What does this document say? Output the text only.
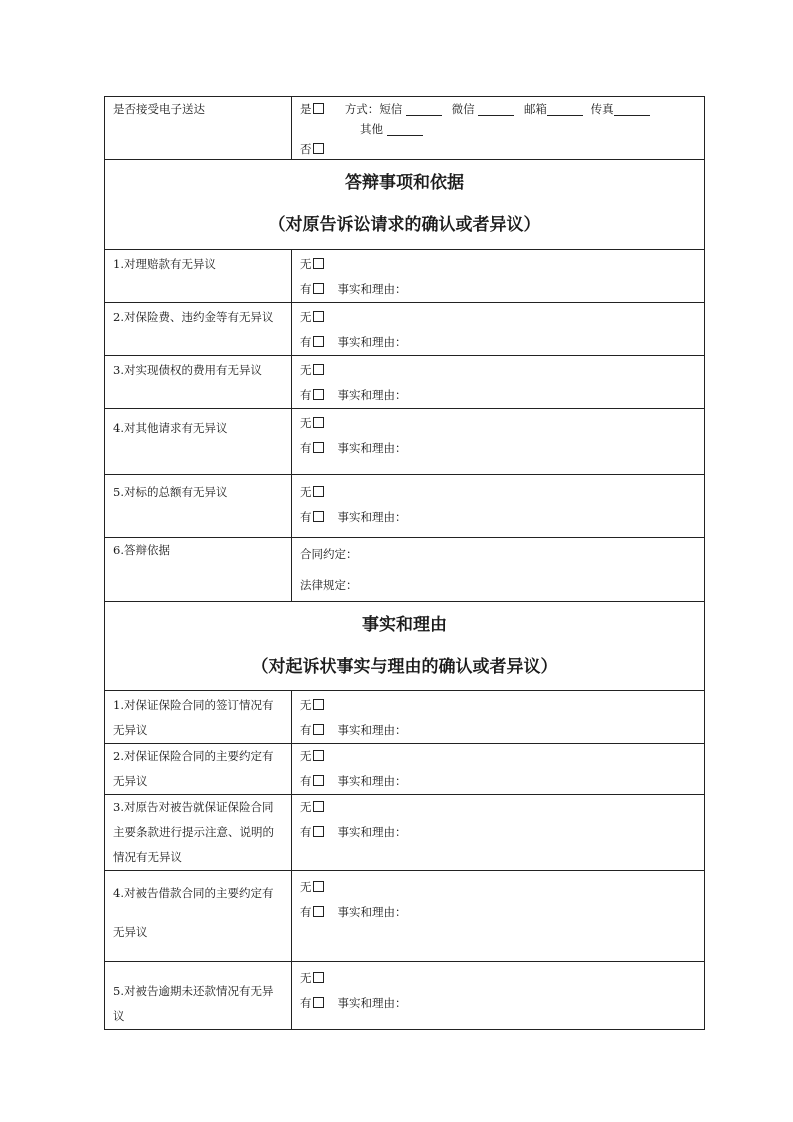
是否接受电子送达	是 方式：短信 微信 邮箱 传真
其他
否

答辩事项和依据
（对原告诉讼请求的确认或者异议）	

1.对理赔款有无异议	无
有 事实和理由：

2.对保险费、违约金等有无异议	无
有 事实和理由：

3.对实现债权的费用有无异议	无
有 事实和理由：

4.对其他请求有无异议	无
有 事实和理由：

5.对标的总额有无异议	无
有 事实和理由：

6.答辩依据	合同约定：
法律规定：

事实和理由
（对起诉状事实与理由的确认或者异议）	

1.对保证保险合同的签订情况有
无异议	无
有 事实和理由：

2.对保证保险合同的主要约定有
无异议	无
有 事实和理由：

3.对原告对被告就保证保险合同
主要条款进行提示注意、说明的
情况有无异议	无
有 事实和理由：

4.对被告借款合同的主要约定有
无异议	无
有 事实和理由：

5.对被告逾期未还款情况有无异
议	无
有 事实和理由：
